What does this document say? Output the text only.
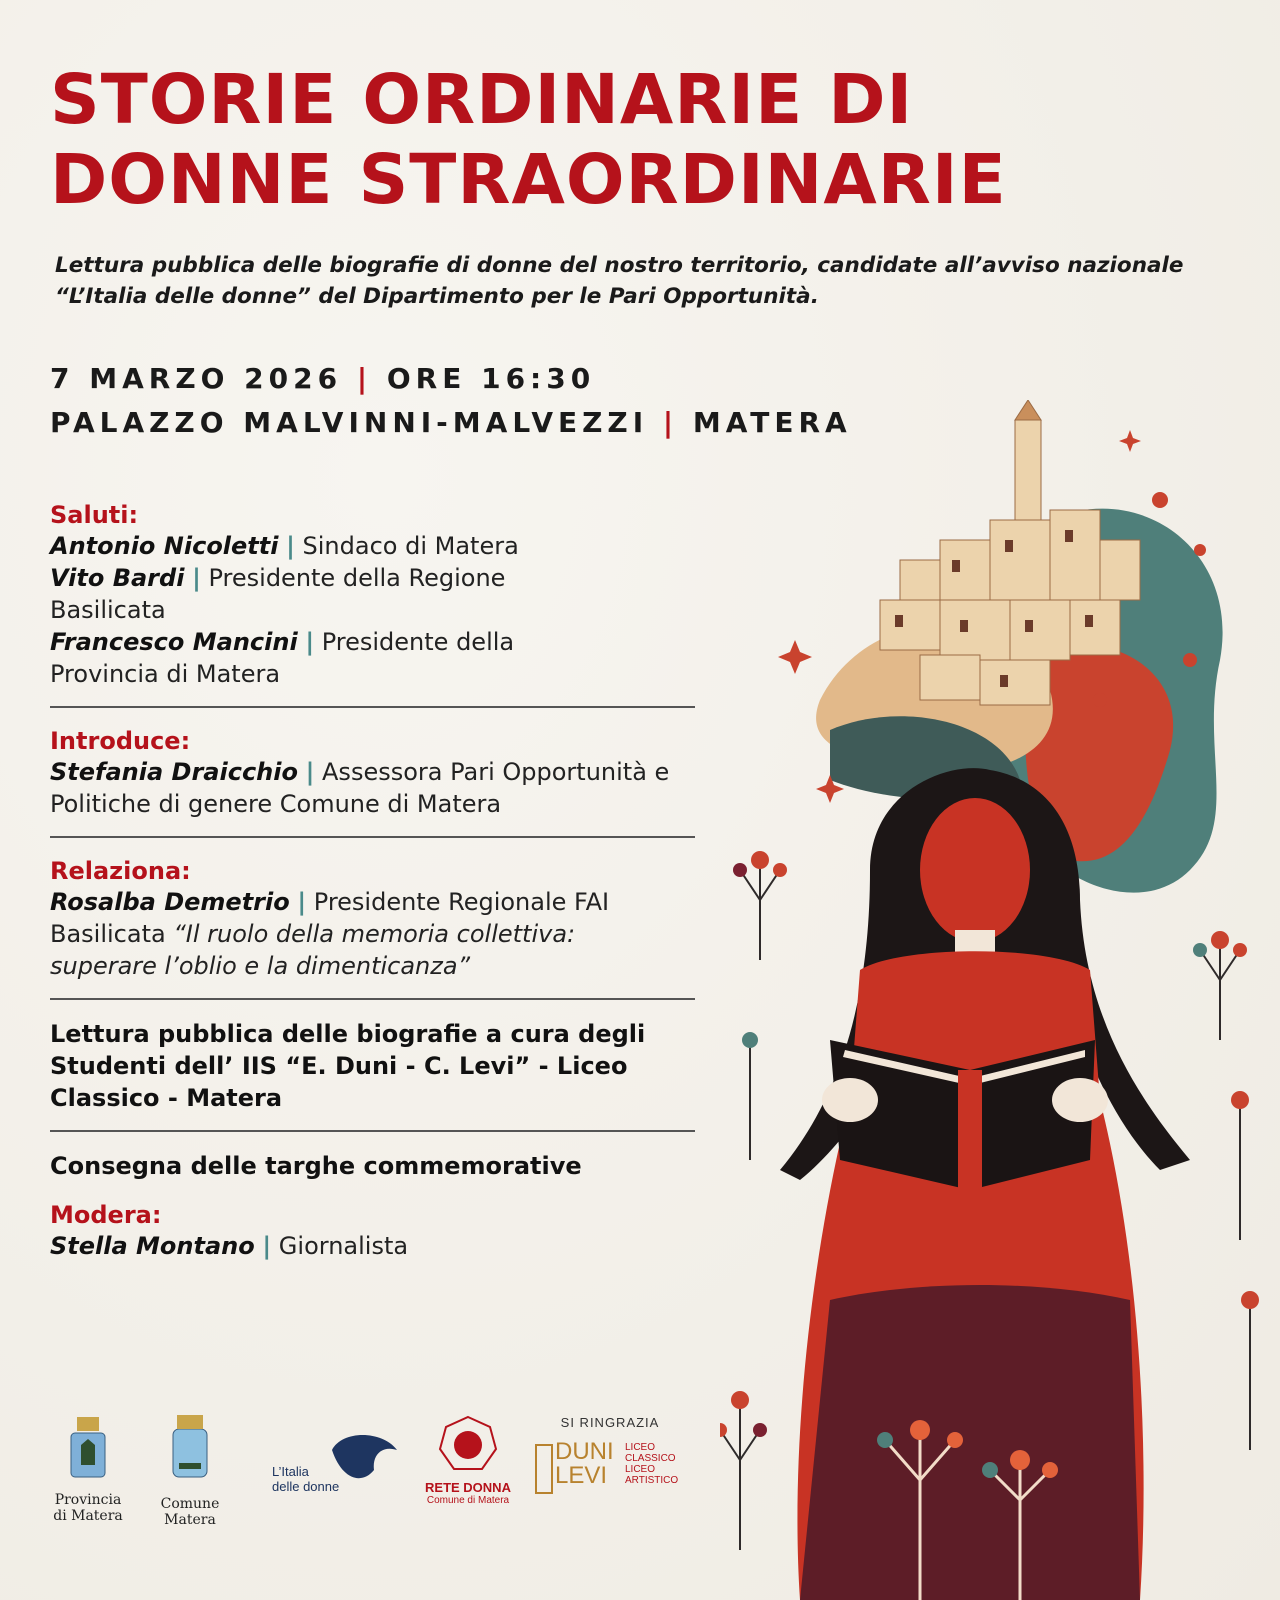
STORIE ORDINARIE DI
DONNE STRAORDINARIE
Lettura pubblica delle biografie di donne del nostro territorio, candidate all’avviso nazionale “L’Italia delle donne” del Dipartimento per le Pari Opportunità.
7 MARZO 2026 | ORE 16:30
PALAZZO MALVINNI-MALVEZZI | MATERA
Saluti:
Antonio Nicoletti | Sindaco di Matera
Vito Bardi | Presidente della Regione Basilicata
Francesco Mancini | Presidente della Provincia di Matera
Introduce:
Stefania Draicchio | Assessora Pari Opportunità e Politiche di genere Comune di Matera
Relaziona:
Rosalba Demetrio | Presidente Regionale FAI Basilicata “Il ruolo della memoria collettiva: superare l’oblio e la dimenticanza”
Lettura pubblica delle biografie a cura degli Studenti dell’ IIS “E. Duni - C. Levi” - Liceo Classico - Matera
Consegna delle targhe commemorative
Modera:
Stella Montano | Giornalista
Provincia
di Matera
Comune Matera
L’Italia
delle donne	RETE DONNA
Comune di Matera
SI RINGRAZIA
DUNI
LEVI
LICEO
CLASSICO
LICEO
ARTISTICO
